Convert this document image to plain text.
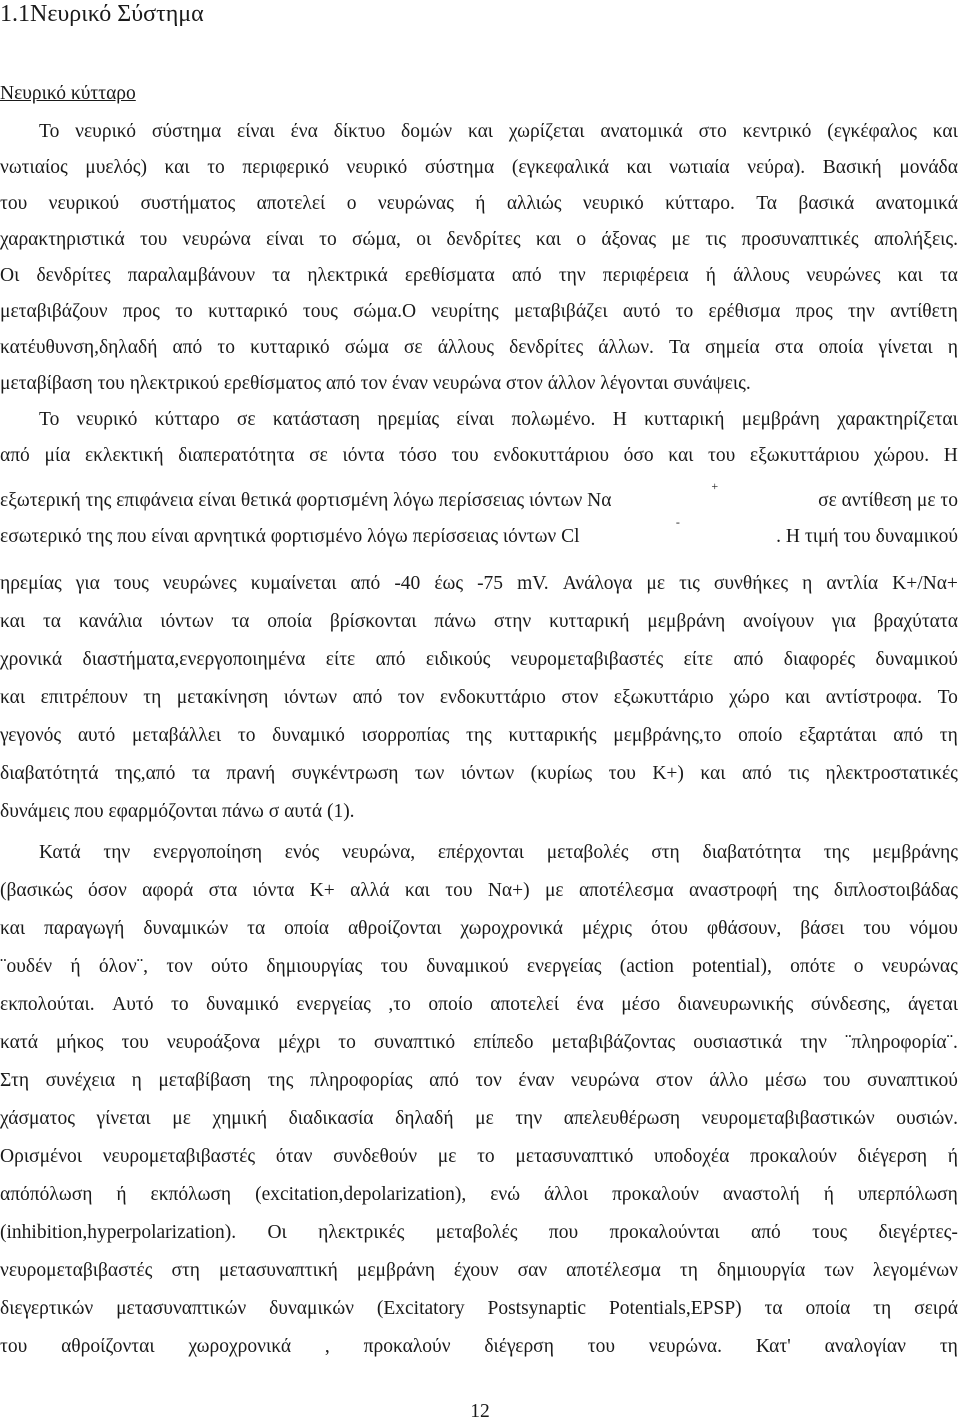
1.1Νευρικό Σύστημα
Νευρικό κύτταρο
Το νευρικό σύστημα είναι ένα δίκτυο δομών και χωρίζεται ανατομικά στο κεντρικό (εγκέφαλος και
νωτιαίος μυελός) και το περιφερικό νευρικό σύστημα (εγκεφαλικά και νωτιαία νεύρα). Βασική μονάδα
του νευρικού συστήματος αποτελεί ο νευρώνας ή αλλιώς νευρικό κύτταρο. Τα βασικά ανατομικά
χαρακτηριστικά του νευρώνα είναι το σώμα, οι δενδρίτες και ο άξονας με τις προσυναπτικές απολήξεις.
Οι δενδρίτες παραλαμβάνουν τα ηλεκτρικά ερεθίσματα από την περιφέρεια ή άλλους νευρώνες και τα
μεταβιβάζουν προς το κυτταρικό τους σώμα.Ο νευρίτης μεταβιβάζει αυτό το ερέθισμα προς την αντίθετη
κατέυθυνση,δηλαδή από το κυτταρικό σώμα σε άλλους δενδρίτες άλλων. Τα σημεία στα οποία γίνεται η
μεταβίβαση του ηλεκτρικού ερεθίσματος από τον έναν νευρώνα στον άλλον λέγονται συνάψεις.
Το νευρικό κύτταρο σε κατάσταση ηρεμίας είναι πολωμένο. Η κυτταρική μεμβράνη χαρακτηρίζεται
από μία εκλεκτική διαπερατότητα σε ιόντα τόσο του ενδοκυττάριου όσο και του εξωκυττάριου χώρου. Η
εξωτερική της επιφάνεια είναι θετικά φορτισμένη λόγω περίσσειας ιόντων Να
+
σε αντίθεση με το
εσωτερικό της που είναι αρνητικά φορτισμένο λόγω περίσσειας ιόντων Cl
-
. Η τιμή του δυναμικού
ηρεμίας για τους νευρώνες κυμαίνεται από -40 έως -75 mV. Ανάλογα με τις συνθήκες η αντλία Κ+/Να+
και τα κανάλια ιόντων τα οποία βρίσκονται πάνω στην κυτταρική μεμβράνη ανοίγουν για βραχύτατα
χρονικά διαστήματα,ενεργοποιημένα είτε από ειδικούς νευρομεταβιβαστές είτε από διαφορές δυναμικού
και επιτρέπουν τη μετακίνηση ιόντων από τον ενδοκυττάριο στον εξωκυττάριο χώρο και αντίστροφα. Το
γεγονός αυτό μεταβάλλει το δυναμικό ισορροπίας της κυτταρικής μεμβράνης,το οποίο εξαρτάται από τη
διαβατότητά της,από τα πρανή συγκέντρωση των ιόντων (κυρίως του Κ+) και από τις ηλεκτροστατικές
δυνάμεις που εφαρμόζονται πάνω σ αυτά (1).
Κατά την ενεργοποίηση ενός νευρώνα, επέρχονται μεταβολές στη διαβατότητα της μεμβράνης
(βασικώς όσον αφορά στα ιόντα Κ+ αλλά και του Να+) με αποτέλεσμα αναστροφή της διπλοστοιβάδας
και παραγωγή δυναμικών τα οποία αθροίζονται χωροχρονικά μέχρις ότου φθάσουν, βάσει του νόμου
¨ουδέν ή όλον¨, τον ούτο δημιουργίας του δυναμικού ενεργείας (action potential), οπότε ο νευρώνας
εκπολούται. Αυτό το δυναμικό ενεργείας ,το οποίο αποτελεί ένα μέσο διανευρωνικής σύνδεσης, άγεται
κατά μήκος του νευροάξονα μέχρι το συναπτικό επίπεδο μεταβιβάζοντας ουσιαστικά την ¨πληροφορία¨.
Στη συνέχεια η μεταβίβαση της πληροφορίας από τον έναν νευρώνα στον άλλο μέσω του συναπτικού
χάσματος γίνεται με χημική διαδικασία δηλαδή με την απελευθέρωση νευρομεταβιβαστικών ουσιών.
Ορισμένοι νευρομεταβιβαστές όταν συνδεθούν με το μετασυναπτικό υποδοχέα προκαλούν διέγερση ή
απόπόλωση ή εκπόλωση (excitation,depolarization), ενώ άλλοι προκαλούν αναστολή ή υπερπόλωση
(inhibition,hyperpolarization). Οι ηλεκτρικές μεταβολές που προκαλούνται από τους διεγέρτες-
νευρομεταβιβαστές στη μετασυναπτική μεμβράνη έχουν σαν αποτέλεσμα τη δημιουργία των λεγομένων
διεγερτικών μετασυναπτικών δυναμικών (Excitatory Postsynaptic Potentials,EPSP) τα οποία τη σειρά
του αθροίζονται χωροχρονικά , προκαλούν διέγερση του νευρώνα. Κατ' αναλογίαν τη
12
